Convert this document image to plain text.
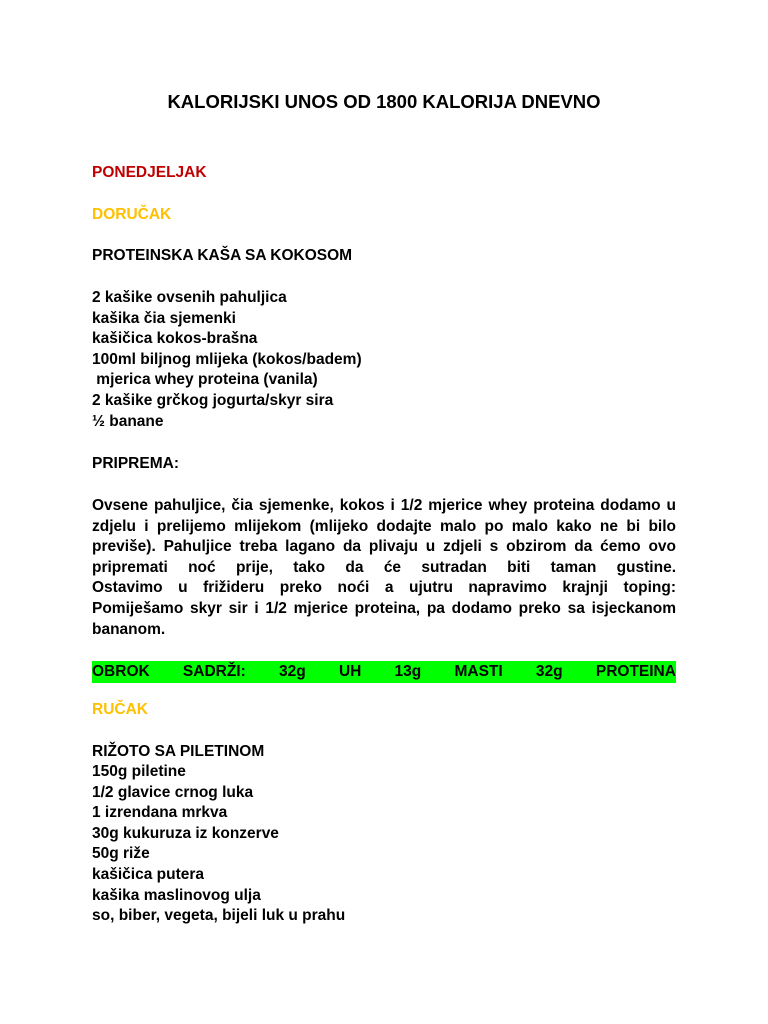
KALORIJSKI UNOS OD 1800 KALORIJA DNEVNO
PONEDJELJAK
DORUČAK
PROTEINSKA KAŠA SA KOKOSOM
2 kašike ovsenih pahuljica
kašika čia sjemenki
kašičica kokos-brašna
100ml biljnog mlijeka (kokos/badem)
mjerica whey proteina (vanila)
2 kašike grčkog jogurta/skyr sira
½ banane
PRIPREMA:
Ovsene pahuljice, čia sjemenke, kokos i 1/2 mjerice whey proteina dodamo u
zdjelu i prelijemo mlijekom (mlijeko dodajte malo po malo kako ne bi bilo
previše). Pahuljice treba lagano da plivaju u zdjeli s obzirom da ćemo ovo
pripremati noć prije, tako da će sutradan biti taman gustine.
Ostavimo u frižideru preko noći a ujutru napravimo krajnji toping:
Pomiješamo skyr sir i 1/2 mjerice proteina, pa dodamo preko sa isjeckanom
bananom.
OBROK SADRŽI: 32g UH 13g MASTI 32g PROTEINA
RUČAK
RIŽOTO SA PILETINOM
150g piletine
1/2 glavice crnog luka
1 izrendana mrkva
30g kukuruza iz konzerve
50g riže
kašičica putera
kašika maslinovog ulja
so, biber, vegeta, bijeli luk u prahu
